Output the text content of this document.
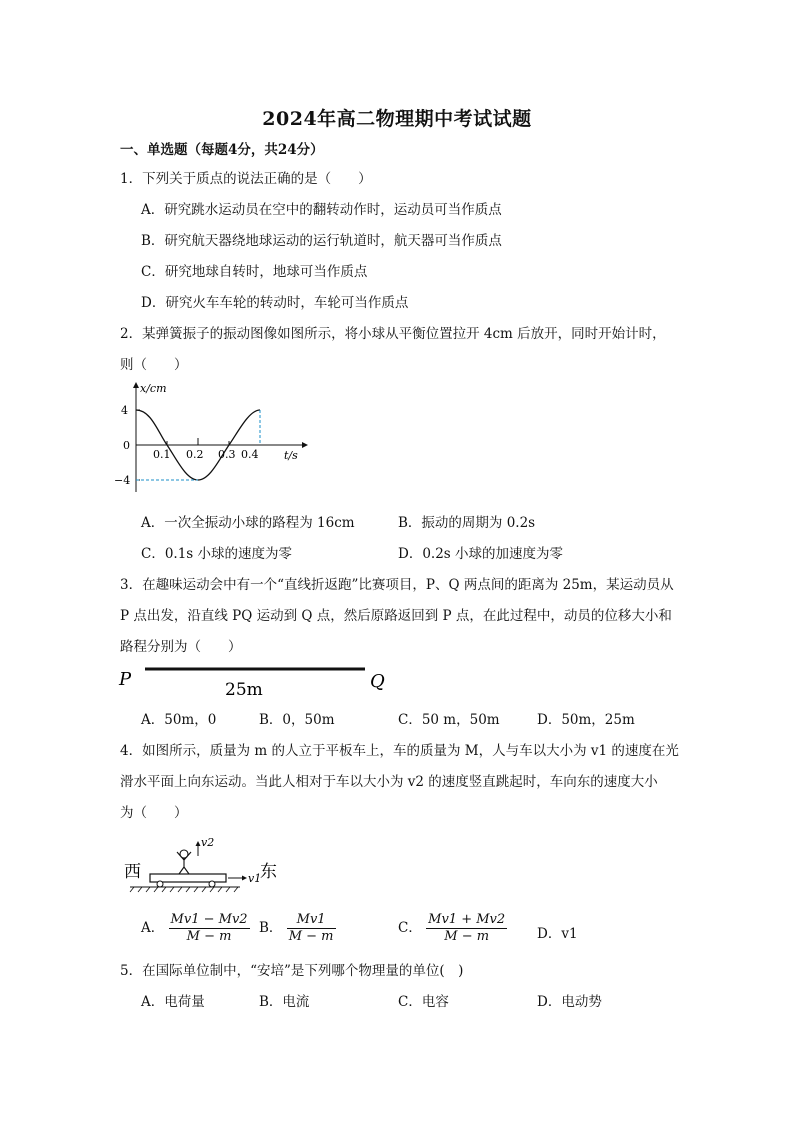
2024年高二物理期中考试试题
一、单选题（每题4分，共24分）
1．下列关于质点的说法正确的是（　　）
A．研究跳水运动员在空中的翻转动作时，运动员可当作质点
B．研究航天器绕地球运动的运行轨道时，航天器可当作质点
C．研究地球自转时，地球可当作质点
D．研究火车车轮的转动时，车轮可当作质点
2．某弹簧振子的振动图像如图所示，将小球从平衡位置拉开 4cm 后放开，同时开始计时，
则（　　）
x/cm
t/s
4
0
−4
0.1 0.2 0.3 0.4
A．一次全振动小球的路程为 16cm	B．振动的周期为 0.2s
C．0.1s 小球的速度为零	D．0.2s 小球的加速度为零
3．在趣味运动会中有一个“直线折返跑”比赛项目，P、Q 两点间的距离为 25m，某运动员从
P 点出发，沿直线 PQ 运动到 Q 点，然后原路返回到 P 点，在此过程中，动员的位移大小和
路程分别为（　　）
P	Q
25m
A．50m，0	B．0，50m	C．50 m，50m	D．50m，25m
4．如图所示，质量为 m 的人立于平板车上，车的质量为 M，人与车以大小为 v1 的速度在光
滑水平面上向东运动。当此人相对于车以大小为 v2 的速度竖直跳起时，车向东的速度大小
为（　　）
西	东
v2
v1
A． $\frac{Mv1 - Mv2}{M - m}$ B． $\frac{Mv1}{M - m}$	C． $\frac{Mv1 + Mv2}{M - m}$ D．v1
5．在国际单位制中，“安培”是下列哪个物理量的单位(　)
A．电荷量	B．电流	C．电容	D．电动势
